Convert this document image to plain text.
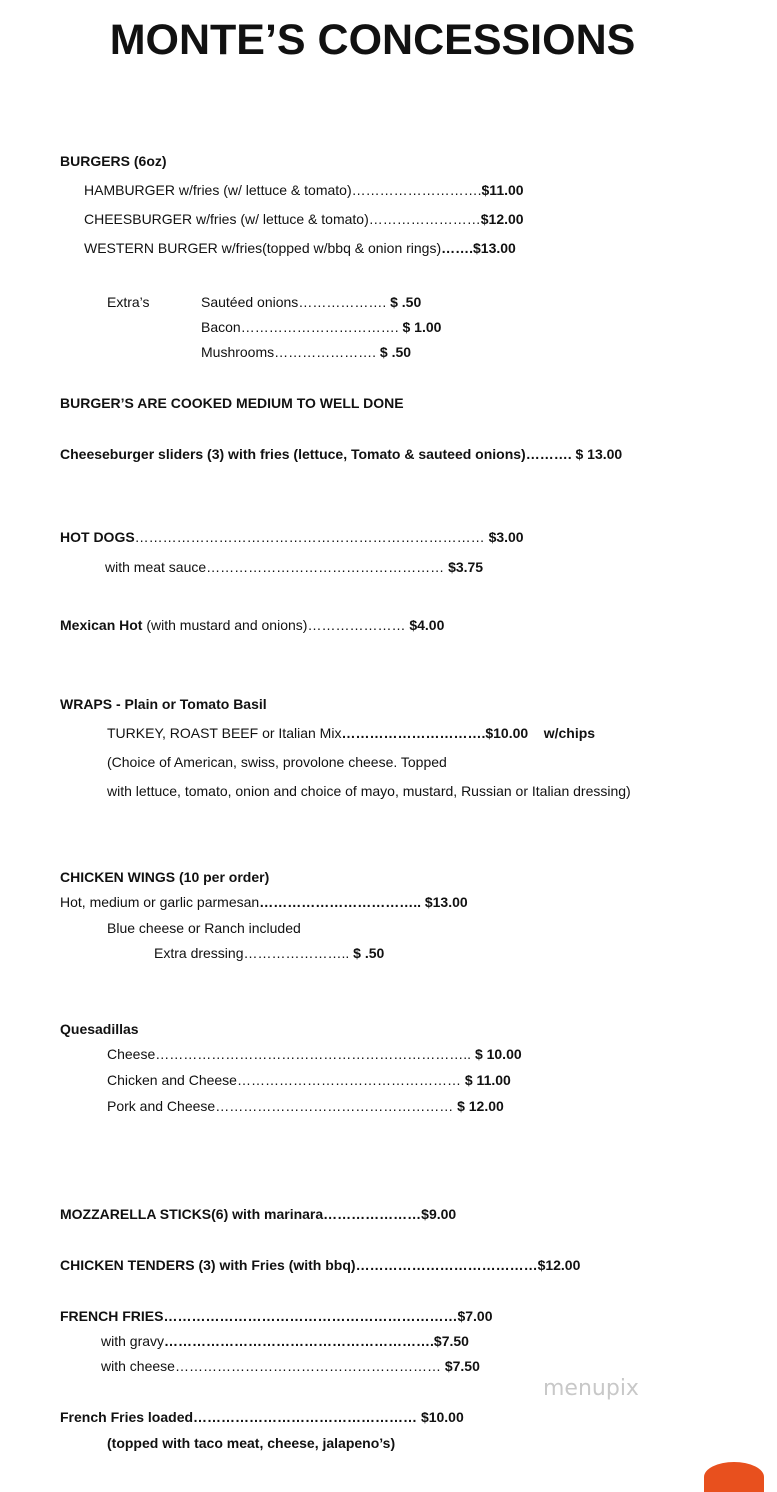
MONTE’S CONCESSIONS
BURGERS (6oz)
HAMBURGER w/fries (w/ lettuce & tomato)……………………….$11.00
CHEESBURGER w/fries (w/ lettuce & tomato)……………………$12.00
WESTERN BURGER w/fries(topped w/bbq & onion rings)…….$13.00
Extra’s	Sautéed onions………………. $ .50
Bacon……………………………. $ 1.00
Mushrooms…………………. $ .50
BURGER’S ARE COOKED MEDIUM TO WELL DONE
Cheeseburger sliders (3) with fries (lettuce, Tomato & sauteed onions)………. $ 13.00
HOT DOGS………………………………………………………………… $3.00
with meat sauce…………………………………………… $3.75
Mexican Hot (with mustard and onions)………………… $4.00
WRAPS - Plain or Tomato Basil
TURKEY, ROAST BEEF or Italian Mix………………………….$10.00 w/chips
(Choice of American, swiss, provolone cheese. Topped
with lettuce, tomato, onion and choice of mayo, mustard, Russian or Italian dressing)
CHICKEN WINGS (10 per order)
Hot, medium or garlic parmesan…………………………….. $13.00
Blue cheese or Ranch included
Extra dressing………………….. $ .50
Quesadillas
Cheese………………………………………………………….. $ 10.00
Chicken and Cheese………………………………………… $ 11.00
Pork and Cheese…………………………………………… $ 12.00
MOZZARELLA STICKS(6) with marinara…………………$9.00
CHICKEN TENDERS (3) with Fries (with bbq)…………………………………$12.00
FRENCH FRIES………………………………………………………$7.00
with gravy………………………………………………….$7.50
with cheese………………………………………………… $7.50
French Fries loaded………………………………………… $10.00
(topped with taco meat, cheese, jalapeno’s)
menupix
